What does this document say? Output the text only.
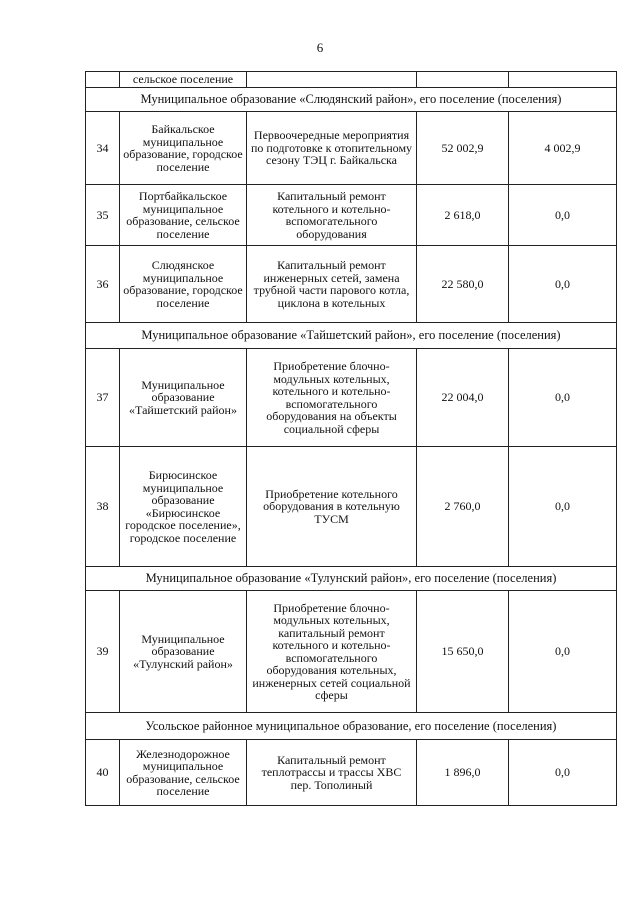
6
	сельское поселение			
Муниципальное образование «Слюдянский район», его поселение (поселения)				
34	Байкальское муниципальное образование, городское поселение	Первоочередные мероприятия по подготовке к отопительному сезону ТЭЦ г. Байкальска	52 002,9	4 002,9
35	Портбайкальское муниципальное образование, сельское поселение	Капитальный ремонт котельного и котельно-вспомогательного оборудования	2 618,0	0,0
36	Слюдянское муниципальное образование, городское поселение	Капитальный ремонт инженерных сетей, замена трубной части парового котла, циклона в котельных	22 580,0	0,0
Муниципальное образование «Тайшетский район», его поселение (поселения)				
37	Муниципальное образование «Тайшетский район»	Приобретение блочно-модульных котельных, котельного и котельно-вспомогательного оборудования на объекты социальной сферы	22 004,0	0,0
38	Бирюсинское муниципальное образование «Бирюсинское городское поселение», городское поселение	Приобретение котельного оборудования в котельную ТУСМ	2 760,0	0,0
Муниципальное образование «Тулунский район», его поселение (поселения)				
39	Муниципальное образование «Тулунский район»	Приобретение блочно-модульных котельных, капитальный ремонт котельного и котельно-вспомогательного оборудования котельных, инженерных сетей социальной сферы	15 650,0	0,0
Усольское районное муниципальное образование, его поселение (поселения)				
40	Железнодорожное муниципальное образование, сельское поселение	Капитальный ремонт теплотрассы и трассы ХВС пер. Тополиный	1 896,0	0,0
